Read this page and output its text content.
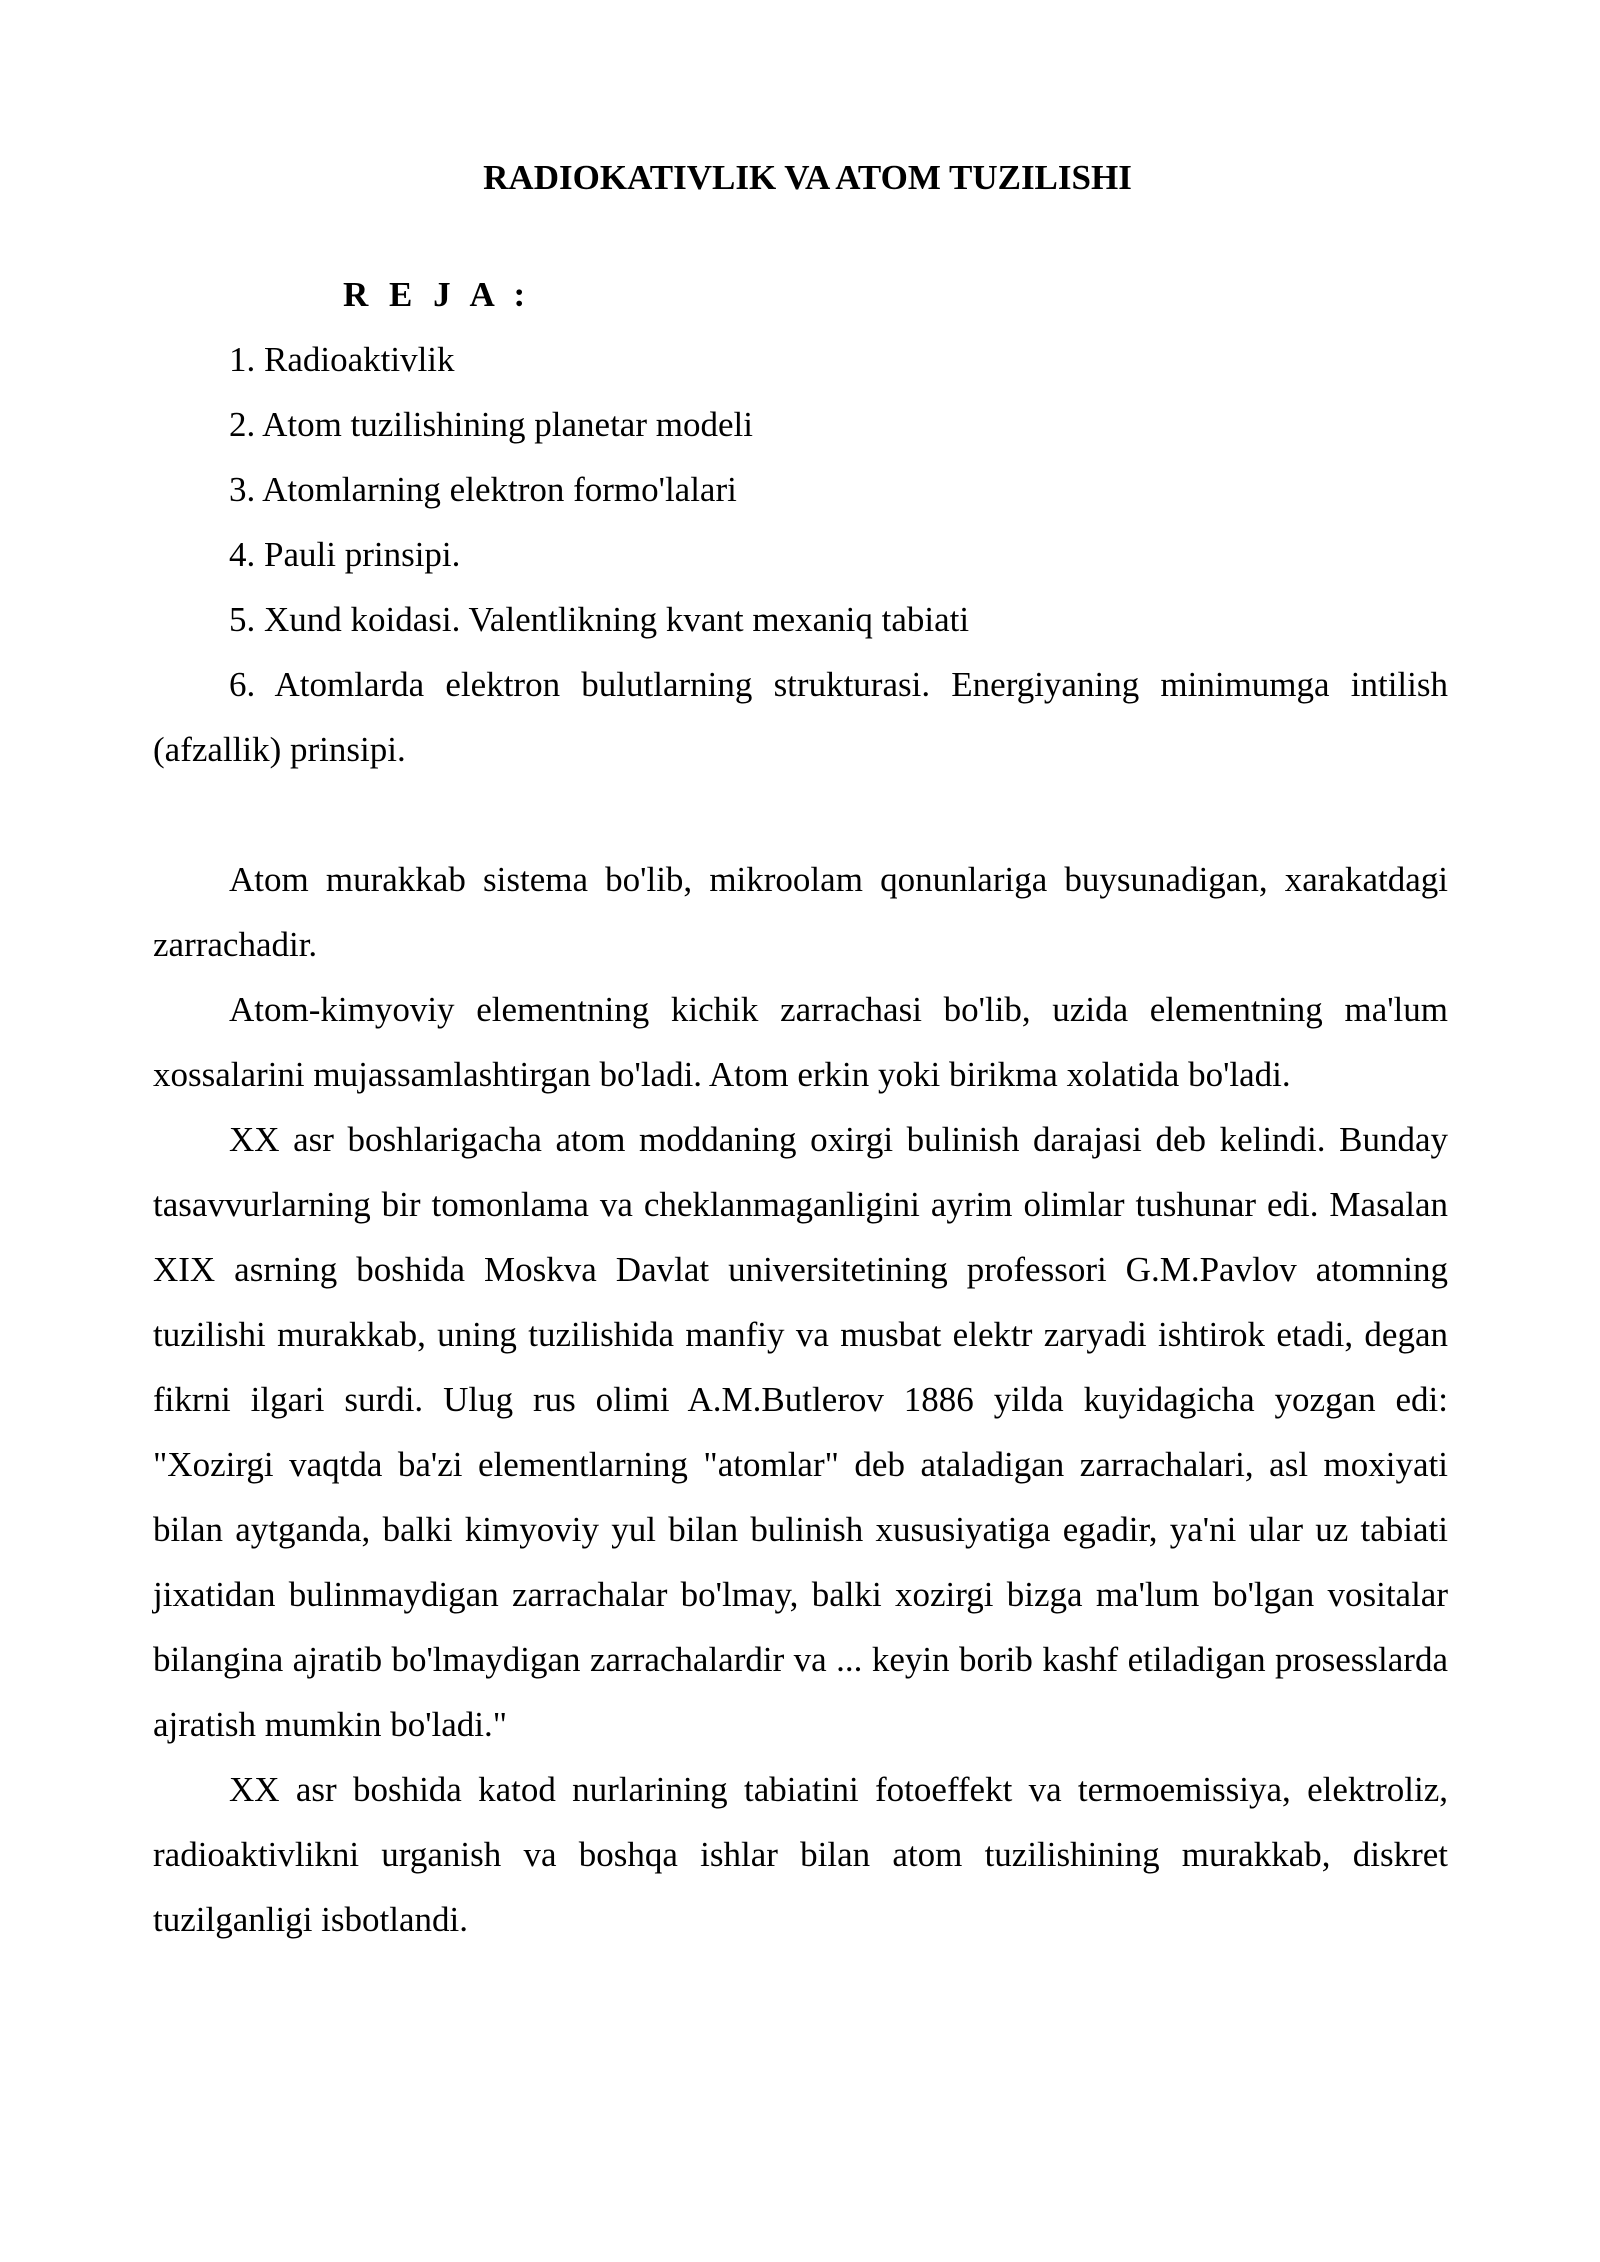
RADIOKATIVLIK VA ATOM TUZILISHI

R E J A :

1. Radioaktivlik
2. Atom tuzilishining planetar modeli
3. Atomlarning elektron formo'lalari
4. Pauli prinsipi.
5. Xund koidasi. Valentlikning kvant mexaniq tabiati
6. Atomlarda elektron bulutlarning strukturasi. Energiyaning minimumga intilish (afzallik) prinsipi.

Atom murakkab sistema bo'lib, mikroolam qonunlariga buysunadigan, xarakatdagi zarrachadir.

Atom-kimyoviy elementning kichik zarrachasi bo'lib, uzida elementning ma'lum xossalarini mujassamlashtirgan bo'ladi. Atom erkin yoki birikma xolatida bo'ladi.

XX asr boshlarigacha atom moddaning oxirgi bulinish darajasi deb kelindi. Bunday tasavvurlarning bir tomonlama va cheklanmaganligini ayrim olimlar tushunar edi. Masalan XIX asrning boshida Moskva Davlat universitetining professori G.M.Pavlov atomning tuzilishi murakkab, uning tuzilishida manfiy va musbat elektr zaryadi ishtirok etadi, degan fikrni ilgari surdi. Ulug rus olimi A.M.Butlerov 1886 yilda kuyidagicha yozgan edi: "Xozirgi vaqtda ba'zi elementlarning "atomlar" deb ataladigan zarrachalari, asl moxiyati bilan aytganda, balki kimyoviy yul bilan bulinish xususiyatiga egadir, ya'ni ular uz tabiati jixatidan bulinmaydigan zarrachalar bo'lmay, balki xozirgi bizga ma'lum bo'lgan vositalar bilangina ajratib bo'lmaydigan zarrachalardir va ... keyin borib kashf etiladigan prosesslarda ajratish mumkin bo'ladi."

XX asr boshida katod nurlarining tabiatini fotoeffekt va termoemissiya, elektroliz, radioaktivlikni urganish va boshqa ishlar bilan atom tuzilishining murakkab, diskret tuzilganligi isbotlandi.
